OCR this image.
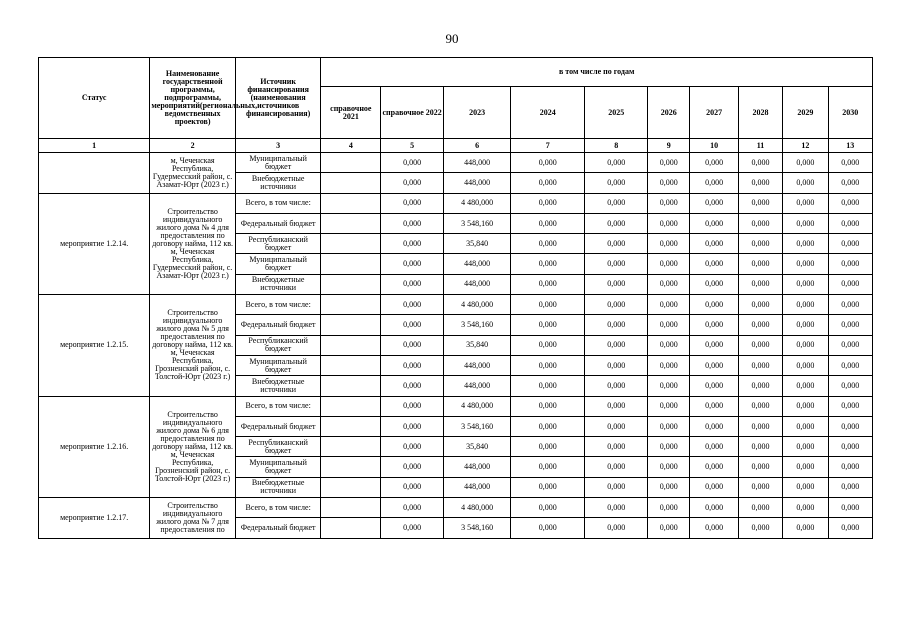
90
Статус	Наименование государственной программы, подпрограммы, мероприятий(региональных, ведомственных проектов)	Источник финансирования (наименования источников финансирования)	в том числе по годам									
			справочное 2021	справочное 2022	2023	2024	2025	2026	2027	2028	2029	2030
1	2	3	4	5	6	7	8	9	10	11	12	13
	м, Чеченская Республика, Гудермесский район, с. Азамат-Юрт (2023 г.)	Муниципальный бюджет		0,000	448,000	0,000	0,000	0,000	0,000	0,000	0,000	0,000
		Внебюджетные источники		0,000	448,000	0,000	0,000	0,000	0,000	0,000	0,000	0,000
мероприятие 1.2.14.	Строительство индивидуального жилого дома № 4 для предоставления по договору найма, 112 кв. м, Чеченская Республика, Гудермесский район, с. Азамат-Юрт (2023 г.)	Всего, в том числе:		0,000	4 480,000	0,000	0,000	0,000	0,000	0,000	0,000	0,000
		Федеральный бюджет		0,000	3 548,160	0,000	0,000	0,000	0,000	0,000	0,000	0,000
		Республиканский бюджет		0,000	35,840	0,000	0,000	0,000	0,000	0,000	0,000	0,000
		Муниципальный бюджет		0,000	448,000	0,000	0,000	0,000	0,000	0,000	0,000	0,000
		Внебюджетные источники		0,000	448,000	0,000	0,000	0,000	0,000	0,000	0,000	0,000
мероприятие 1.2.15.	Строительство индивидуального жилого дома № 5 для предоставления по договору найма, 112 кв. м, Чеченская Республика, Грозненский район, с. Толстой-Юрт (2023 г.)	Всего, в том числе:		0,000	4 480,000	0,000	0,000	0,000	0,000	0,000	0,000	0,000
		Федеральный бюджет		0,000	3 548,160	0,000	0,000	0,000	0,000	0,000	0,000	0,000
		Республиканский бюджет		0,000	35,840	0,000	0,000	0,000	0,000	0,000	0,000	0,000
		Муниципальный бюджет		0,000	448,000	0,000	0,000	0,000	0,000	0,000	0,000	0,000
		Внебюджетные источники		0,000	448,000	0,000	0,000	0,000	0,000	0,000	0,000	0,000
мероприятие 1.2.16.	Строительство индивидуального жилого дома № 6 для предоставления по договору найма, 112 кв. м, Чеченская Республика, Грозненский район, с. Толстой-Юрт (2023 г.)	Всего, в том числе:		0,000	4 480,000	0,000	0,000	0,000	0,000	0,000	0,000	0,000
		Федеральный бюджет		0,000	3 548,160	0,000	0,000	0,000	0,000	0,000	0,000	0,000
		Республиканский бюджет		0,000	35,840	0,000	0,000	0,000	0,000	0,000	0,000	0,000
		Муниципальный бюджет		0,000	448,000	0,000	0,000	0,000	0,000	0,000	0,000	0,000
		Внебюджетные источники		0,000	448,000	0,000	0,000	0,000	0,000	0,000	0,000	0,000
мероприятие 1.2.17.	Строительство индивидуального жилого дома № 7 для предоставления по	Всего, в том числе:		0,000	4 480,000	0,000	0,000	0,000	0,000	0,000	0,000	0,000
		Федеральный бюджет		0,000	3 548,160	0,000	0,000	0,000	0,000	0,000	0,000	0,000
